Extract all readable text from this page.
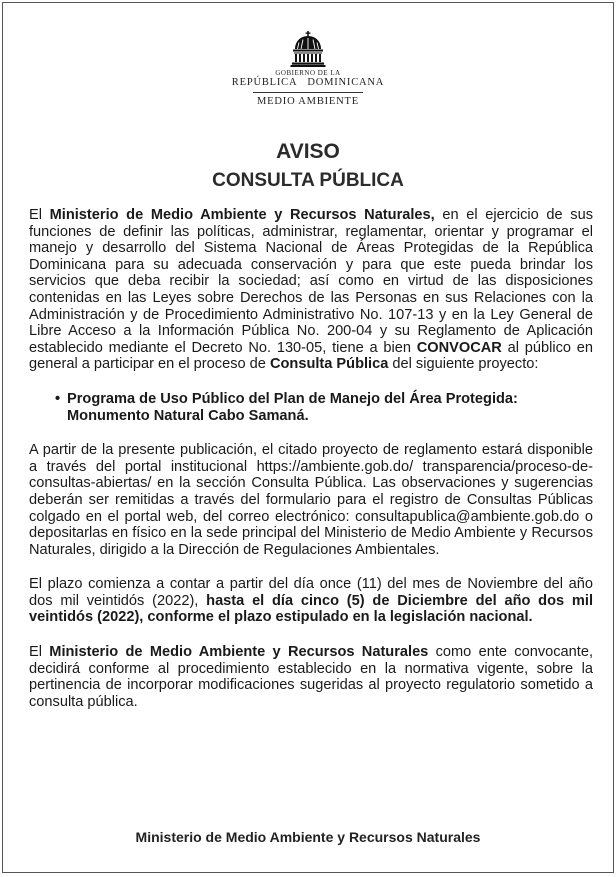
GOBIERNO DE LA
REPÚBLICA DOMINICANA
MEDIO AMBIENTE
AVISO
CONSULTA PÚBLICA

El Ministerio de Medio Ambiente y Recursos Naturales, en el ejercicio de sus funciones de definir las políticas, administrar, reglamentar, orientar y programar el manejo y desarrollo del Sistema Nacional de Áreas Protegidas de la República Dominicana para su adecuada conservación y para que este pueda brindar los servicios que deba recibir la sociedad; así como en virtud de las disposiciones contenidas en las Leyes sobre Derechos de las Personas en sus Relaciones con la Administración y de Procedimiento Administrativo No. 107-13 y en la Ley General de Libre Acceso a la Información Pública No. 200-04 y su Reglamento de Aplicación establecido mediante el Decreto No. 130-05, tiene a bien CONVOCAR al público en general a participar en el proceso de Consulta Pública del siguiente proyecto:

• Programa de Uso Público del Plan de Manejo del Área Protegida: Monumento Natural Cabo Samaná.

A partir de la presente publicación, el citado proyecto de reglamento estará disponible a través del portal institucional https://ambiente.gob.do/ transparencia/proceso-de-consultas-abiertas/ en la sección Consulta Pública. Las observaciones y sugerencias deberán ser remitidas a través del formulario para el registro de Consultas Públicas colgado en el portal web, del correo electrónico: consultapublica@ambiente.gob.do o depositarlas en físico en la sede principal del Ministerio de Medio Ambiente y Recursos Naturales, dirigido a la Dirección de Regulaciones Ambientales.

El plazo comienza a contar a partir del día once (11) del mes de Noviembre del año dos mil veintidós (2022), hasta el día cinco (5) de Diciembre del año dos mil veintidós (2022), conforme el plazo estipulado en la legislación nacional.

El Ministerio de Medio Ambiente y Recursos Naturales como ente convocante, decidirá conforme al procedimiento establecido en la normativa vigente, sobre la pertinencia de incorporar modificaciones sugeridas al proyecto regulatorio sometido a consulta pública.

Ministerio de Medio Ambiente y Recursos Naturales
